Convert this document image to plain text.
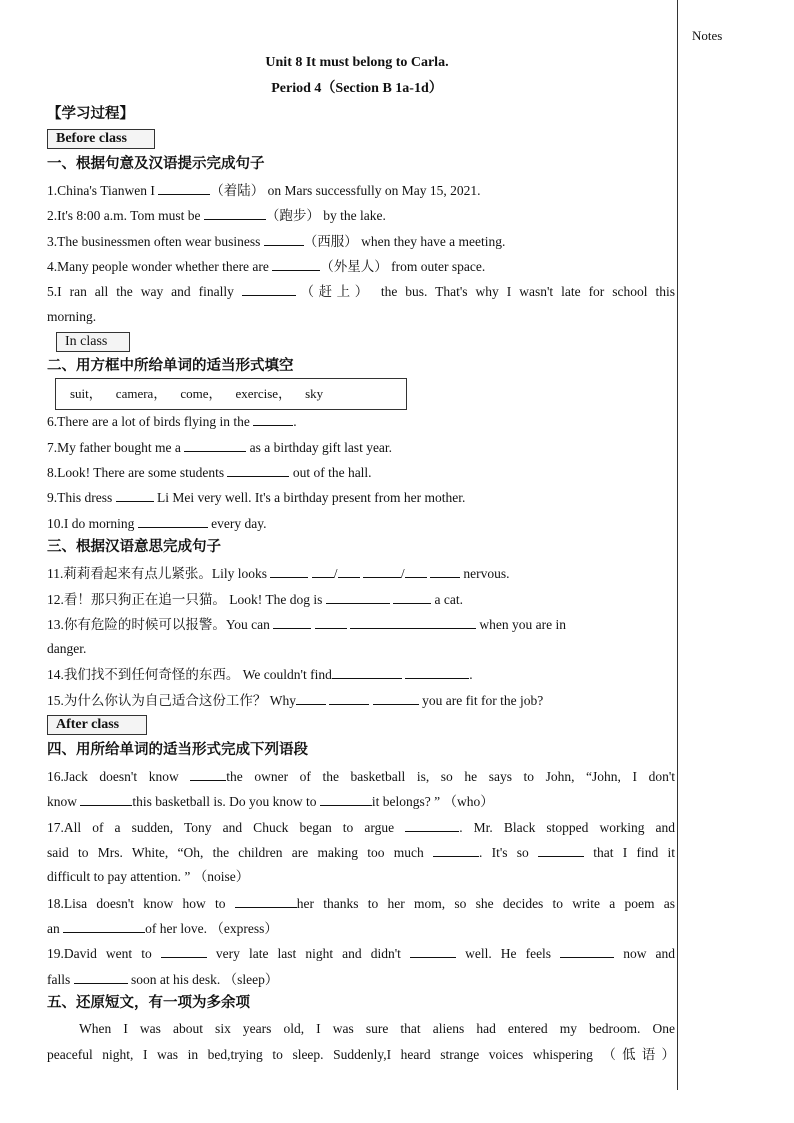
Notes
Unit 8 It must belong to Carla.
Period 4（Section B 1a-1d）
【学习过程】
Before class
一、根据句意及汉语提示完成句子
1.China's Tianwen I	（着陆） on Mars successfully on May 15, 2021.
2.It's 8:00 a.m. Tom must be	（跑步） by the lake.
3.The businessmen often wear business	（西服） when they have a meeting.
4.Many people wonder whether there are	（外星人） from outer space.
5.I ran all the way and finally	（赶上） the bus. That's why I wasn't late for school this
morning.
In class
二、用方框中所给单词的适当形式填空
suit， camera， come， exercise， sky
6.There are a lot of birds flying in the	.
7.My father bought me a	as a birthday gift last year.
8.Look! There are some students	out of the hall.
9.This dress	Li Mei very well. It's a birthday present from her mother.
10.I do morning	every day.
三、根据汉语意思完成句子
11.莉莉看起来有点儿紧张。Lily looks	/	/	nervous.
12.看！那只狗正在追一只猫。 Look! The dog is	a cat.
13.你有危险的时候可以报警。You can	when you are in
danger.
14.我们找不到任何奇怪的东西。 We couldn't find	.
15.为什么你认为自己适合这份工作？ Why	you are fit for the job?
After class
四、用所给单词的适当形式完成下列语段
16.Jack doesn't know	the owner of the basketball is, so he says to John, “John, I don't
know	this basketball is. Do you know to	it belongs? ” （who）
17.All of a sudden, Tony and Chuck began to argue	. Mr. Black stopped working and
said to Mrs. White, “Oh, the children are making too much	. It's so	that I find it
difficult to pay attention. ” （noise）
18.Lisa doesn't know how to	her thanks to her mom, so she decides to write a poem as
an	of her love. （express）
19.David went to	very late last night and didn't	well. He feels	now and
falls	soon at his desk. （sleep）
五、还原短文，有一项为多余项
When I was about six years old, I was sure that aliens had entered my bedroom. One
peaceful night, I was in bed,trying to sleep. Suddenly,I heard strange voices whispering （低语）
